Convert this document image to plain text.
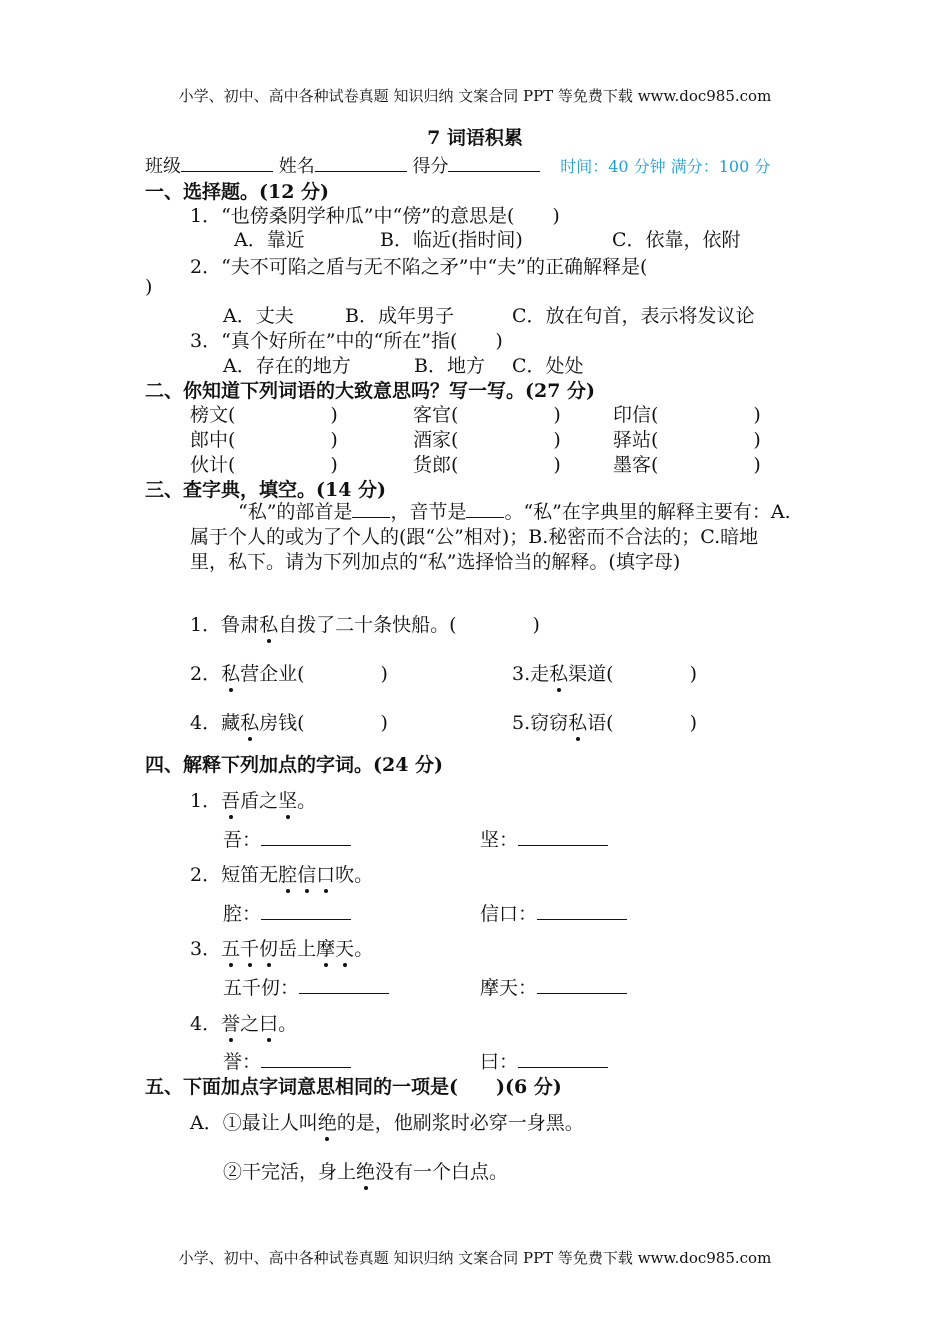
小学、初中、高中各种试卷真题 知识归纳 文案合同 PPT 等免费下载 www.doc985.com
7 词语积累
班级	姓名	得分	时间：40 分钟 满分：100 分
一、选择题。(12 分)
1．“也傍桑阴学种瓜”中“傍”的意思是(　　)
A．靠近	B．临近(指时间)	C．依靠，依附
2．“夫不可陷之盾与无不陷之矛”中“夫”的正确解释是(
)
A．丈夫	B．成年男子	C．放在句首，表示将发议论
3．“真个好所在”中的“所在”指(　　)
A．存在的地方	B．地方 C．处处
二、你知道下列词语的大致意思吗？写一写。(27 分)
榜文(　　　　　)	客官(　　　　　)	印信(　　　　　)
郎中(　　　　　)	酒家(　　　　　)	驿站(　　　　　)
伙计(　　　　　)	货郎(　　　　　)	墨客(　　　　　)
三、查字典，填空。(14 分)
“私”的部首是 ，音节是 。“私”在字典里的解释主要有：A.属于个人的或为了个人的(跟“公”相对)；B.秘密而不合法的；C.暗地里，私下。请为下列加点的“私”选择恰当的解释。(填字母)
1．鲁肃私自拨了二十条快船。(　　　　)
2．私营企业(　　　　)	3.走私渠道(　　　　)
4．藏私房钱(　　　　)	5.窃窃私语(　　　　)
四、解释下列加点的字词。(24 分)
1．吾盾之坚。
吾：	坚：
2．短笛无腔信口吹。
腔：	信口：
3．五千仞岳上摩天。
五千仞：	摩天：
4．誉之曰。
誉：	曰：
五、下面加点字词意思相同的一项是(　　)(6 分)
A．①最让人叫绝的是，他刷浆时必穿一身黑。
②干完活，身上绝没有一个白点。
小学、初中、高中各种试卷真题 知识归纳 文案合同 PPT 等免费下载 www.doc985.com
